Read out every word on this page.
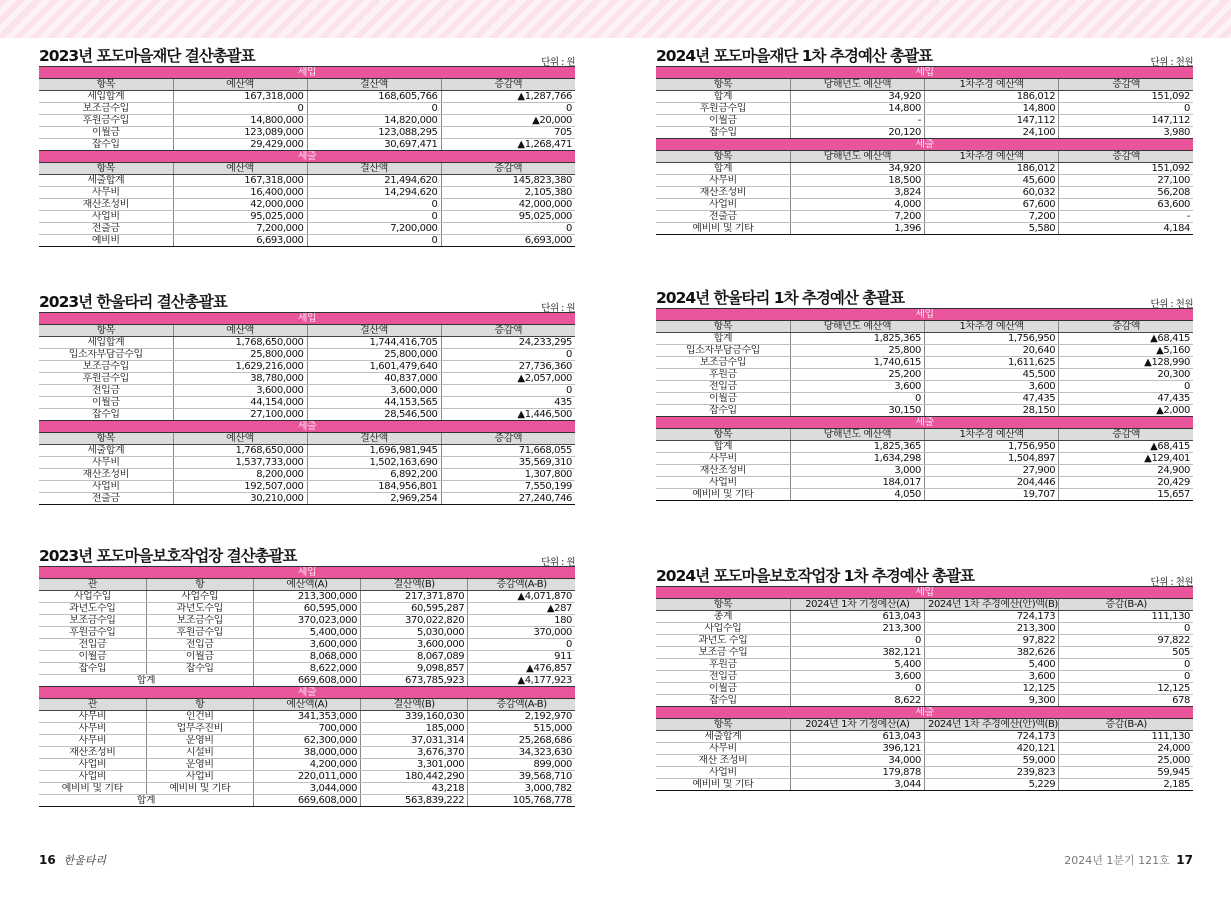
2023년 포도마을재단 결산총괄표	단위 : 원
세입			
항목	예산액	결산액	증감액
세입합계	167,318,000	168,605,766	▲1,287,766
보조금수입	0	0	0
후원금수입	14,800,000	14,820,000	▲20,000
이월금	123,089,000	123,088,295	705
잡수입	29,429,000	30,697,471	▲1,268,471
세출			
항목	예산액	결산액	증감액
세출합계	167,318,000	21,494,620	145,823,380
사무비	16,400,000	14,294,620	2,105,380
재산조성비	42,000,000	0	42,000,000
사업비	95,025,000	0	95,025,000
전출금	7,200,000	7,200,000	0
예비비	6,693,000	0	6,693,000
2023년 한울타리 결산총괄표	단위 : 원
세입			
항목	예산액	결산액	증감액
세입합계	1,768,650,000	1,744,416,705	24,233,295
입소자부담금수입	25,800,000	25,800,000	0
보조금수입	1,629,216,000	1,601,479,640	27,736,360
후원금수입	38,780,000	40,837,000	▲2,057,000
전입금	3,600,000	3,600,000	0
이월금	44,154,000	44,153,565	435
잡수입	27,100,000	28,546,500	▲1,446,500
세출			
항목	예산액	결산액	증감액
세출합계	1,768,650,000	1,696,981,945	71,668,055
사무비	1,537,733,000	1,502,163,690	35,569,310
재산조성비	8,200,000	6,892,200	1,307,800
사업비	192,507,000	184,956,801	7,550,199
전출금	30,210,000	2,969,254	27,240,746
2023년 포도마을보호작업장 결산총괄표	단위 : 원
세입				
관	항	예산액(A)	결산액(B)	증감액(A-B)
사업수입	사업수입	213,300,000	217,371,870	▲4,071,870
과년도수입	과년도수입	60,595,000	60,595,287	▲287
보조금수입	보조금수입	370,023,000	370,022,820	180
후원금수입	후원금수입	5,400,000	5,030,000	370,000
전입금	전입금	3,600,000	3,600,000	0
이월금	이월금	8,068,000	8,067,089	911
잡수입	잡수입	8,622,000	9,098,857	▲476,857
합계		669,608,000	673,785,923	▲4,177,923
세출				
관	항	예산액(A)	결산액(B)	증감액(A-B)
사무비	인건비	341,353,000	339,160,030	2,192,970
사무비	업무추진비	700,000	185,000	515,000
사무비	운영비	62,300,000	37,031,314	25,268,686
재산조성비	시설비	38,000,000	3,676,370	34,323,630
사업비	운영비	4,200,000	3,301,000	899,000
사업비	사업비	220,011,000	180,442,290	39,568,710
예비비 및 기타	예비비 및 기타	3,044,000	43,218	3,000,782
합계		669,608,000	563,839,222	105,768,778
2024년 포도마을재단 1차 추경예산 총괄표	단위 : 천원
세입			
항목	당해년도 예산액	1차추경 예산액	증감액
합계	34,920	186,012	151,092
후원금수입	14,800	14,800	0
이월금	-	147,112	147,112
잡수입	20,120	24,100	3,980
세출			
항목	당해년도 예산액	1차추경 예산액	증감액
합계	34,920	186,012	151,092
사무비	18,500	45,600	27,100
재산조성비	3,824	60,032	56,208
사업비	4,000	67,600	63,600
전출금	7,200	7,200	-
예비비 및 기타	1,396	5,580	4,184
2024년 한울타리 1차 추경예산 총괄표	단위 : 천원
세입			
항목	당해년도 예산액	1차추경 예산액	증감액
합계	1,825,365	1,756,950	▲68,415
입소자부담금수입	25,800	20,640	▲5,160
보조금수입	1,740,615	1,611,625	▲128,990
후원금	25,200	45,500	20,300
전입금	3,600	3,600	0
이월금	0	47,435	47,435
잡수입	30,150	28,150	▲2,000
세출			
항목	당해년도 예산액	1차추경 예산액	증감액
합계	1,825,365	1,756,950	▲68,415
사무비	1,634,298	1,504,897	▲129,401
재산조성비	3,000	27,900	24,900
사업비	184,017	204,446	20,429
예비비 및 기타	4,050	19,707	15,657
2024년 포도마을보호작업장 1차 추경예산 총괄표	단위 : 천원
세입			
항목	2024년 1차 기정예산(A)	2024년 1차 추경예산(안)액(B)	증감(B-A)
총계	613,043	724,173	111,130
사업수입	213,300	213,300	0
과년도 수입	0	97,822	97,822
보조금 수입	382,121	382,626	505
후원금	5,400	5,400	0
전입금	3,600	3,600	0
이월금	0	12,125	12,125
잡수입	8,622	9,300	678
세출			
항목	2024년 1차 기정예산(A)	2024년 1차 추경예산(안)액(B)	증감(B-A)
세출합계	613,043	724,173	111,130
사무비	396,121	420,121	24,000
재산 조성비	34,000	59,000	25,000
사업비	179,878	239,823	59,945
예비비 및 기타	3,044	5,229	2,185
16 한울타리	2024년 1분기 121호 17
